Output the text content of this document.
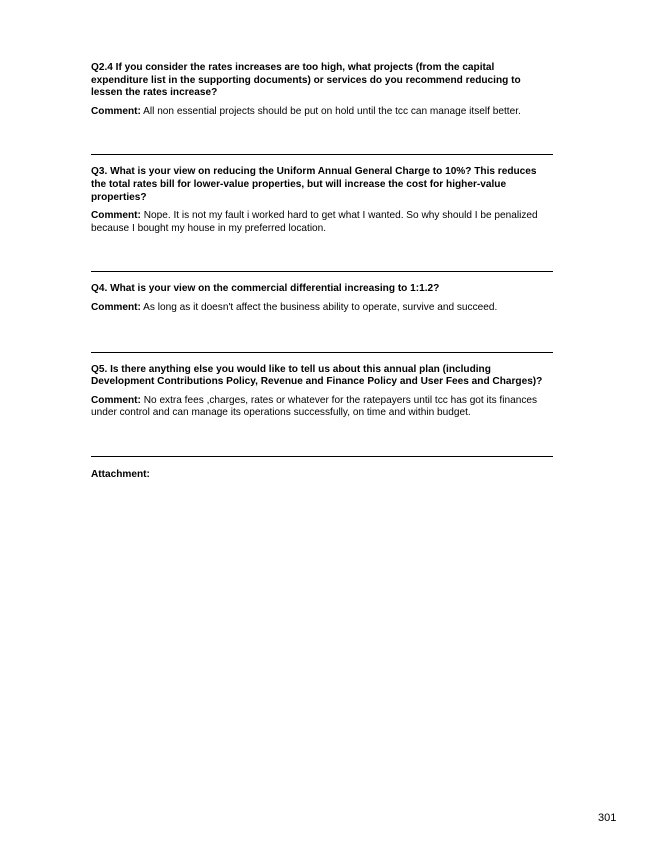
Q2.4 If you consider the rates increases are too high, what projects (from the capital expenditure list in the supporting documents) or services do you recommend reducing to lessen the rates increase?

Comment: All non essential projects should be put on hold until the tcc can manage itself better.

Q3. What is your view on reducing the Uniform Annual General Charge to 10%? This reduces the total rates bill for lower-value properties, but will increase the cost for higher-value properties?

Comment: Nope. It is not my fault i worked hard to get what I wanted. So why should I be penalized because I bought my house in my preferred location.

Q4. What is your view on the commercial differential increasing to 1:1.2?

Comment: As long as it doesn't affect the business ability to operate, survive and succeed.

Q5. Is there anything else you would like to tell us about this annual plan (including Development Contributions Policy, Revenue and Finance Policy and User Fees and Charges)?

Comment: No extra fees ,charges, rates or whatever for the ratepayers until tcc has got its finances under control and can manage its operations successfully, on time and within budget.

Attachment:

301
